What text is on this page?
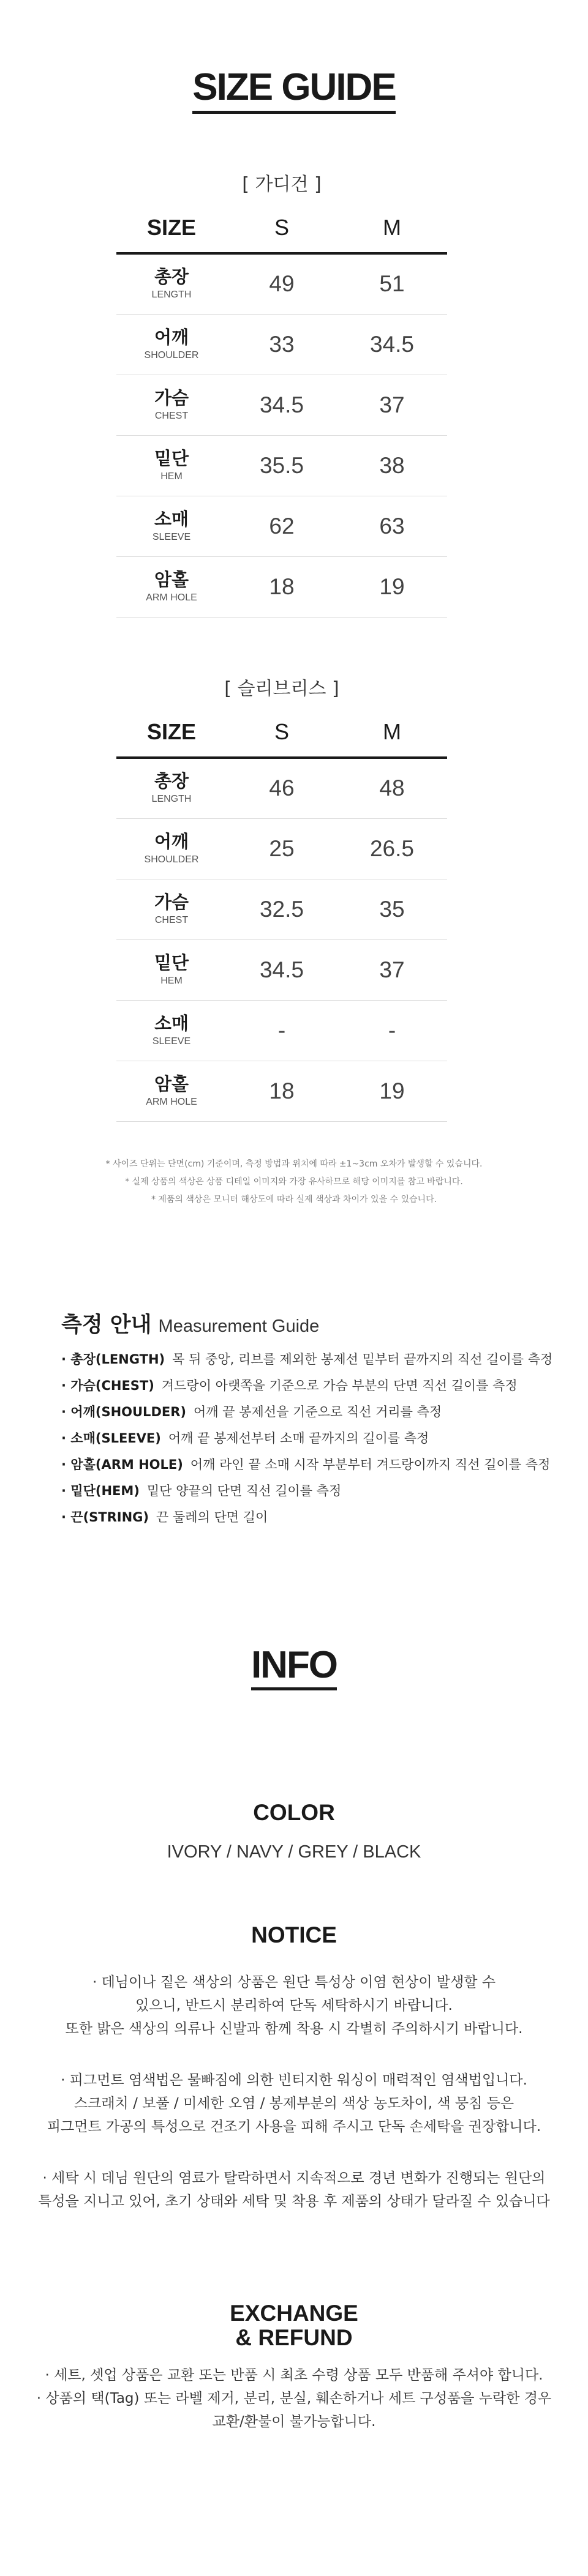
SIZE GUIDE
[ 가디건 ]
SIZE	S	M

총장
LENGTH	49	51

어깨
SHOULDER	33	34.5

가슴
CHEST	34.5	37

밑단
HEM	35.5	38

소매
SLEEVE	62	63

암홀
ARM HOLE	18	19
[ 슬리브리스 ]
SIZE	S	M

총장
LENGTH	46	48

어깨
SHOULDER	25	26.5

가슴
CHEST	32.5	35

밑단
HEM	34.5	37

소매
SLEEVE	-	-

암홀
ARM HOLE	18	19

* 사이즈 단위는 단면(cm) 기준이며, 측정 방법과 위치에 따라 ±1~3cm 오차가 발생할 수 있습니다.

* 실제 상품의 색상은 상품 디테일 이미지와 가장 유사하므로 해당 이미지를 참고 바랍니다.

* 제품의 색상은 모니터 해상도에 따라 실제 색상과 차이가 있을 수 있습니다.

측정 안내 Measurement Guide
· 총장(LENGTH) 목 뒤 중앙, 리브를 제외한 봉제선 밑부터 끝까지의 직선 길이를 측정
· 가슴(CHEST) 겨드랑이 아랫쪽을 기준으로 가슴 부분의 단면 직선 길이를 측정
· 어깨(SHOULDER) 어깨 끝 봉제선을 기준으로 직선 거리를 측정
· 소매(SLEEVE) 어깨 끝 봉제선부터 소매 끝까지의 길이를 측정
· 암홀(ARM HOLE) 어깨 라인 끝 소매 시작 부분부터 겨드랑이까지 직선 길이를 측정
· 밑단(HEM) 밑단 양끝의 단면 직선 길이를 측정
· 끈(STRING) 끈 둘레의 단면 길이
INFO
COLOR
IVORY / NAVY / GREY / BLACK
NOTICE
· 데님이나 짙은 색상의 상품은 원단 특성상 이염 현상이 발생할 수
있으니, 반드시 분리하여 단독 세탁하시기 바랍니다.
또한 밝은 색상의 의류나 신발과 함께 착용 시 각별히 주의하시기 바랍니다.
· 피그먼트 염색법은 물빠짐에 의한 빈티지한 워싱이 매력적인 염색법입니다.
스크래치 / 보풀 / 미세한 오염 / 봉제부분의 색상 농도차이, 색 뭉침 등은
피그먼트 가공의 특성으로 건조기 사용을 피해 주시고 단독 손세탁을 권장합니다.
· 세탁 시 데님 원단의 염료가 탈락하면서 지속적으로 경년 변화가 진행되는 원단의
특성을 지니고 있어, 초기 상태와 세탁 및 착용 후 제품의 상태가 달라질 수 있습니다
EXCHANGE
& REFUND
· 세트, 셋업 상품은 교환 또는 반품 시 최초 수령 상품 모두 반품해 주셔야 합니다.
· 상품의 택(Tag) 또는 라벨 제거, 분리, 분실, 훼손하거나 세트 구성품을 누락한 경우
교환/환불이 불가능합니다.
